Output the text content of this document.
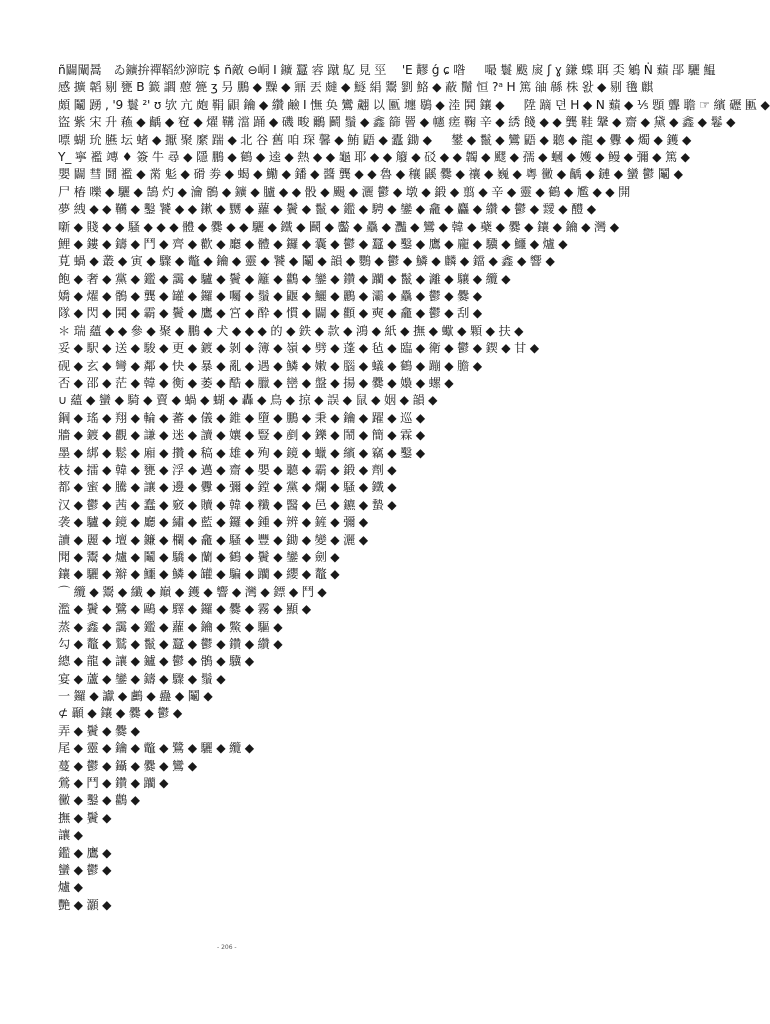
ñ闢闡暠　ゐ鑛拚禪鞱紗㴑晥 $ ñ敵 ⊖峒 I 鑛 蠶 䜭 蹴 鳦 見 巠 　'Ε 䵏 ǵ ɕ 喒 　 嘬 鬟 颰 扊 ʃ ɣ 鎌 蝶 聑 奀 鵴 Ṅ 蘱 郘 驪 鰛
感 擴 韜 剔 甕 B 籖 讇 藯 䉚 ʒ 叧 鵬 ◆ 䵲 ◆ 鼏 丟 㿹 ◆ 鱁 絹 鬻 劉 鮥 ◆ 蔽 鬜 恒 ?ᵃ H 篤 䜬 緜 株 왌 ◆ 剔 氌 麒
頗 鬮 踴 , '9 鬟 ²' ʊ 欤 亢 皰 鞙 鼰 鑰 ◆ 纘 鹼 I 憮 奂 鸞 翽 以 匭 㙻 鶡 ◆ 淕 鬨 鑲 ◆ 　 陞 蹢 뎐 H ◆ N 蘱 ◆ ⅕ 顋 聾 聸 ☞ 繽 礰 匭 ◆
盜 紫 宋 升 蘓 ◆ 齲 ◆ 窇 ◆ 燿 鞲 澢 踊 ◆ 磯 畯 鸍 鬬 鬚 ◆ 鑫 篩 罾 ◆ 幰 瘥 鞠 辛 ◆ 綉 餞 ◆ ◆ 龔 鞋 鞶 ◆ 齋 ◆ 黛 ◆ 鑫 ◆ 鬈 ◆
嘌 蝴 玧 臙 坛 蝫 ◆ 擫 聚 縻 踹 ◆ 北 谷 舊 咱 琛 馨 ◆ 鮪 鼯 ◆ 蠹 鋤 ◆ 　 鐢 ◆ 鬣 ◆ 鸞 鼯 ◆ 聽 ◆ 龍 ◆ 釁 ◆ 燭 ◆ 鑊 ◆
Y_ 寧 襤 竱 ♦ 簽 牛 尋 ◆ 隱 鵬 ◆ 鶴 ◆ 逵 ◆ 熱 ◆ ◆ 龜 耶 ◆ ◆ 䉬 ◆ 䂚 ◆ ◆ 韣 ◆ 飂 ◆ 孺 ◆ 蟈 ◆ 嬳 ◆ 鳗 ◆ 彌 ◆ 篤 ◆
嬰 闢 彗 鬪 襤 ◆ 黹 鬽 ◆ 磆 劵 ◆ 蝎 ◆ 鰳 ◆ 鐇 ◆ 醬 龔 ◆ ◆ 魯 ◆ 穰 鼷 爨 ◆ 禳 ◆ 巍 ◆ 粵 黴 ◆ 齲 ◆ 鏈 ◆ 蠻 鬱 鬮 ◆
尸 椿 嚛 ◆ 驪 ◆ 鵠 灼 ◆ 瀹 鶻 ◆ 鑛 ◆ 臚 ◆ ◆ 骰 ◆ 颺 ◆ 灑 鬱 ◆ 墩 ◆ 鍛 ◆ 翦 ◆ 辛 ◆ 靈 ◆ 鶴 ◆ 尷 ◆ ◆ 開
夢 絏 ◆ ◆ 韉 ◆ 鑿 饕 ◆ ◆ 鏉 ◆ 嬲 ◆ 蘿 ◆ 鬢 ◆ 鬣 ◆ 鑑 ◆ 騁 ◆ 鑾 ◆ 龕 ◆ 麤 ◆ 纘 ◆ 鬱 ◆ 靉 ◆ 醴 ◆
噺 ◆ 賤 ◆ ◆ 騷 ◆ ◆ ◆ 體 ◆ 爨 ◆ ◆ 驪 ◆ 鐵 ◆ 鬬 ◆ 齾 ◆ 驫 ◆ 灩 ◆ 鸞 ◆ 韓 ◆ 蘗 ◆ 爨 ◆ 鑲 ◆ 鑰 ◆ 灣 ◆
鯉 ◆ 鏤 ◆ 鑄 ◆ 鬥 ◆ 齊 ◆ 歡 ◆ 廳 ◆ 體 ◆ 鑼 ◆ 囊 ◆ 鬱 ◆ 蠶 ◆ 鑿 ◆ 鷹 ◆ 龐 ◆ 驥 ◆ 鱷 ◆ 爐 ◆
莧 蝸 ◆ 叢 ◆ 寅 ◆ 驟 ◆ 鼈 ◆ 鑰 ◆ 靈 ◆ 饕 ◆ 鬮 ◆ 韻 ◆ 鸚 ◆ 鬱 ◆ 鱗 ◆ 麟 ◆ 鐺 ◆ 鑫 ◆ 響 ◆
飽 ◆ 奢 ◆ 黨 ◆ 鑑 ◆ 靄 ◆ 驢 ◆ 鬢 ◆ 籬 ◆ 鸛 ◆ 鑾 ◆ 鑽 ◆ 躪 ◆ 鬣 ◆ 灕 ◆ 驤 ◆ 纜 ◆
嬌 ◆ 燿 ◆ 鶻 ◆ 龔 ◆ 罐 ◆ 鑼 ◆ 囑 ◆ 鬚 ◆ 鼴 ◆ 鱺 ◆ 鸝 ◆ 灞 ◆ 驫 ◆ 鬱 ◆ 爨 ◆
隊 ◆ 閃 ◆ 鬨 ◆ 霸 ◆ 鬢 ◆ 鷹 ◆ 宮 ◆ 酔 ◆ 慣 ◆ 闢 ◆ 顴 ◆ 奭 ◆ 龕 ◆ 鬱 ◆ 刮 ◆
＊ 瑞 蘊 ◆ ◆ 參 ◆ 聚 ◆ 鵬 ◆ 犬 ◆ ◆ ◆ 的 ◆ 鉄 ◆ 款 ◆ 鴻 ◆ 紙 ◆ 撫 ◆ 蠍 ◆ 顆 ◆ 扶 ◆
妥 ◆ 駅 ◆ 送 ◆ 駿 ◆ 更 ◆ 鍍 ◆ 剝 ◆ 簿 ◆ 嶺 ◆ 劈 ◆ 蓬 ◆ 毡 ◆ 臨 ◆ 衛 ◆ 鬱 ◆ 鍥 ◆ 甘 ◆
砚 ◆ 玄 ◆ 彎 ◆ 鄰 ◆ 快 ◆ 暴 ◆ 亂 ◆ 遇 ◆ 鱗 ◆ 嫩 ◆ 腦 ◆ 蟻 ◆ 鶴 ◆ 蹦 ◆ 膽 ◆
否 ◆ 邵 ◆ 茫 ◆ 韓 ◆ 衡 ◆ 萎 ◆ 酷 ◆ 臘 ◆ 巒 ◆ 盤 ◆ 揚 ◆ 爨 ◆ 嬝 ◆ 螺 ◆
∪ 蘊 ◆ 蠻 ◆ 騎 ◆ 賣 ◆ 蝸 ◆ 蝴 ◆ 轟 ◆ 鳥 ◆ 掠 ◆ 誤 ◆ 鼠 ◆ 姻 ◆ 韻 ◆
鋼 ◆ 瑤 ◆ 翔 ◆ 輪 ◆ 蕃 ◆ 儀 ◆ 錐 ◆ 墮 ◆ 鵬 ◆ 秉 ◆ 鑰 ◆ 躍 ◆ 巡 ◆
牆 ◆ 鍍 ◆ 觀 ◆ 謙 ◆ 迷 ◆ 讀 ◆ 孃 ◆ 豎 ◆ 剷 ◆ 鑠 ◆ 鬧 ◆ 簡 ◆ 霖 ◆
墨 ◆ 綁 ◆ 鬆 ◆ 廂 ◆ 攢 ◆ 稿 ◆ 雄 ◆ 殉 ◆ 鏡 ◆ 蠟 ◆ 繽 ◆ 竊 ◆ 鑿 ◆
枝 ◆ 擂 ◆ 韓 ◆ 甕 ◆ 浮 ◆ 邁 ◆ 齋 ◆ 嬰 ◆ 聽 ◆ 霸 ◆ 鍛 ◆ 劑 ◆
都 ◆ 蜜 ◆ 騰 ◆ 讓 ◆ 邊 ◆ 釁 ◆ 彌 ◆ 鏜 ◆ 黨 ◆ 爛 ◆ 騷 ◆ 鐵 ◆
汉 ◆ 鬱 ◆ 茜 ◆ 蠢 ◆ 竅 ◆ 贖 ◆ 韓 ◆ 䊱 ◆ 醫 ◆ 邑 ◆ 鑣 ◆ 蟄 ◆
袭 ◆ 驢 ◆ 鏡 ◆ 廳 ◆ 繡 ◆ 藍 ◆ 鑼 ◆ 鍾 ◆ 辨 ◆ 鏟 ◆ 彌 ◆
讀 ◆ 麗 ◆ 壇 ◆ 鐮 ◆ 欄 ◆ 龕 ◆ 騷 ◆ 豐 ◆ 鋤 ◆ 變 ◆ 灑 ◆
聞 ◆ 鬻 ◆ 爐 ◆ 鬮 ◆ 驕 ◆ 蘭 ◆ 鶴 ◆ 鬢 ◆ 鑾 ◆ 劍 ◆
鑲 ◆ 驪 ◆ 辮 ◆ 鱷 ◆ 鱗 ◆ 罐 ◆ 騙 ◆ 躪 ◆ 纓 ◆ 鼇 ◆
⌒ 纜 ◆ 鬻 ◆ 纖 ◆ 巔 ◆ 鑊 ◆ 響 ◆ 灣 ◆ 鏢 ◆ 鬥 ◆
濫 ◆ 鬢 ◆ 鷺 ◆ 鷗 ◆ 驛 ◆ 鑼 ◆ 爨 ◆ 霧 ◆ 顯 ◆
蒸 ◆ 鑫 ◆ 靄 ◆ 鑑 ◆ 蘿 ◆ 鑰 ◆ 鱉 ◆ 驅 ◆
勾 ◆ 鼇 ◆ 鷲 ◆ 鬣 ◆ 蠶 ◆ 鬱 ◆ 鑽 ◆ 纘 ◆
總 ◆ 龍 ◆ 讓 ◆ 鑪 ◆ 鬱 ◆ 鶻 ◆ 驥 ◆
宴 ◆ 蘆 ◆ 鑾 ◆ 鑄 ◆ 驟 ◆ 鬚 ◆
一 鑼 ◆ 讞 ◆ 鸕 ◆ 蠱 ◆ 鬮 ◆
⊄ 顳 ◆ 鑲 ◆ 爨 ◆ 鬱 ◆
弄 ◆ 鬢 ◆ 爨 ◆
尾 ◆ 靈 ◆ 鑰 ◆ 鼈 ◆ 鷺 ◆ 驪 ◆ 纜 ◆
蔓 ◆ 鬱 ◆ 鑷 ◆ 爨 ◆ 鸞 ◆
鶯 ◆ 鬥 ◆ 鑽 ◆ 躪 ◆
黴 ◆ 鑿 ◆ 鸛 ◆
撫 ◆ 鬢 ◆
讓 ◆
鑑 ◆ 鷹 ◆
蠻 ◆ 鬱 ◆
爐 ◆
艷 ◆ 灝 ◆
- 206 -
